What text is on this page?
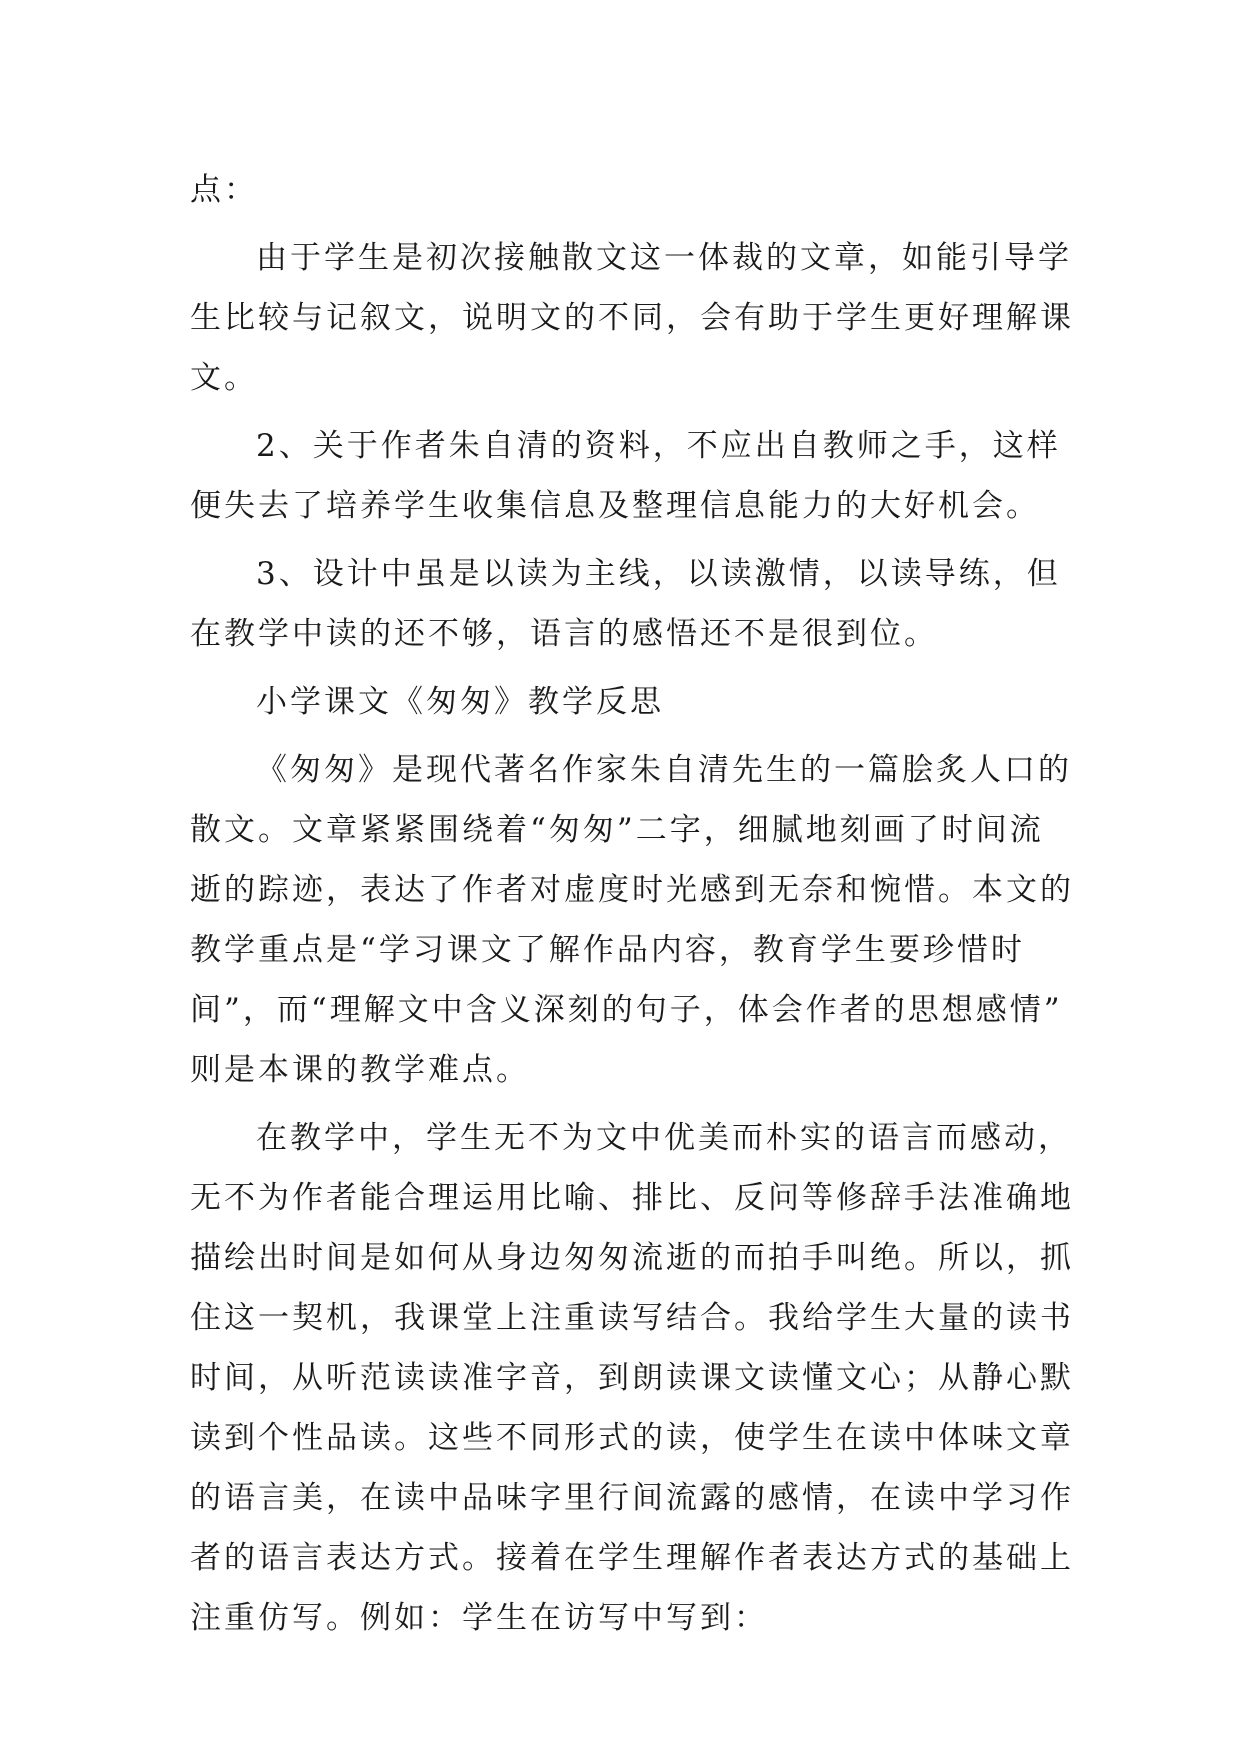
点：
由于学生是初次接触散文这一体裁的文章，如能引导学
生比较与记叙文，说明文的不同，会有助于学生更好理解课
文。
2、关于作者朱自清的资料，不应出自教师之手，这样
便失去了培养学生收集信息及整理信息能力的大好机会。
3、设计中虽是以读为主线，以读激情，以读导练，但
在教学中读的还不够，语言的感悟还不是很到位。
小学课文《匆匆》教学反思
《匆匆》是现代著名作家朱自清先生的一篇脍炙人口的
散文。文章紧紧围绕着“匆匆”二字，细腻地刻画了时间流
逝的踪迹，表达了作者对虚度时光感到无奈和惋惜。本文的
教学重点是“学习课文了解作品内容，教育学生要珍惜时
间”，而“理解文中含义深刻的句子，体会作者的思想感情”
则是本课的教学难点。
在教学中，学生无不为文中优美而朴实的语言而感动，
无不为作者能合理运用比喻、排比、反问等修辞手法准确地
描绘出时间是如何从身边匆匆流逝的而拍手叫绝。所以，抓
住这一契机，我课堂上注重读写结合。我给学生大量的读书
时间，从听范读读准字音，到朗读课文读懂文心；从静心默
读到个性品读。这些不同形式的读，使学生在读中体味文章
的语言美，在读中品味字里行间流露的感情，在读中学习作
者的语言表达方式。接着在学生理解作者表达方式的基础上
注重仿写。例如：学生在访写中写到：
